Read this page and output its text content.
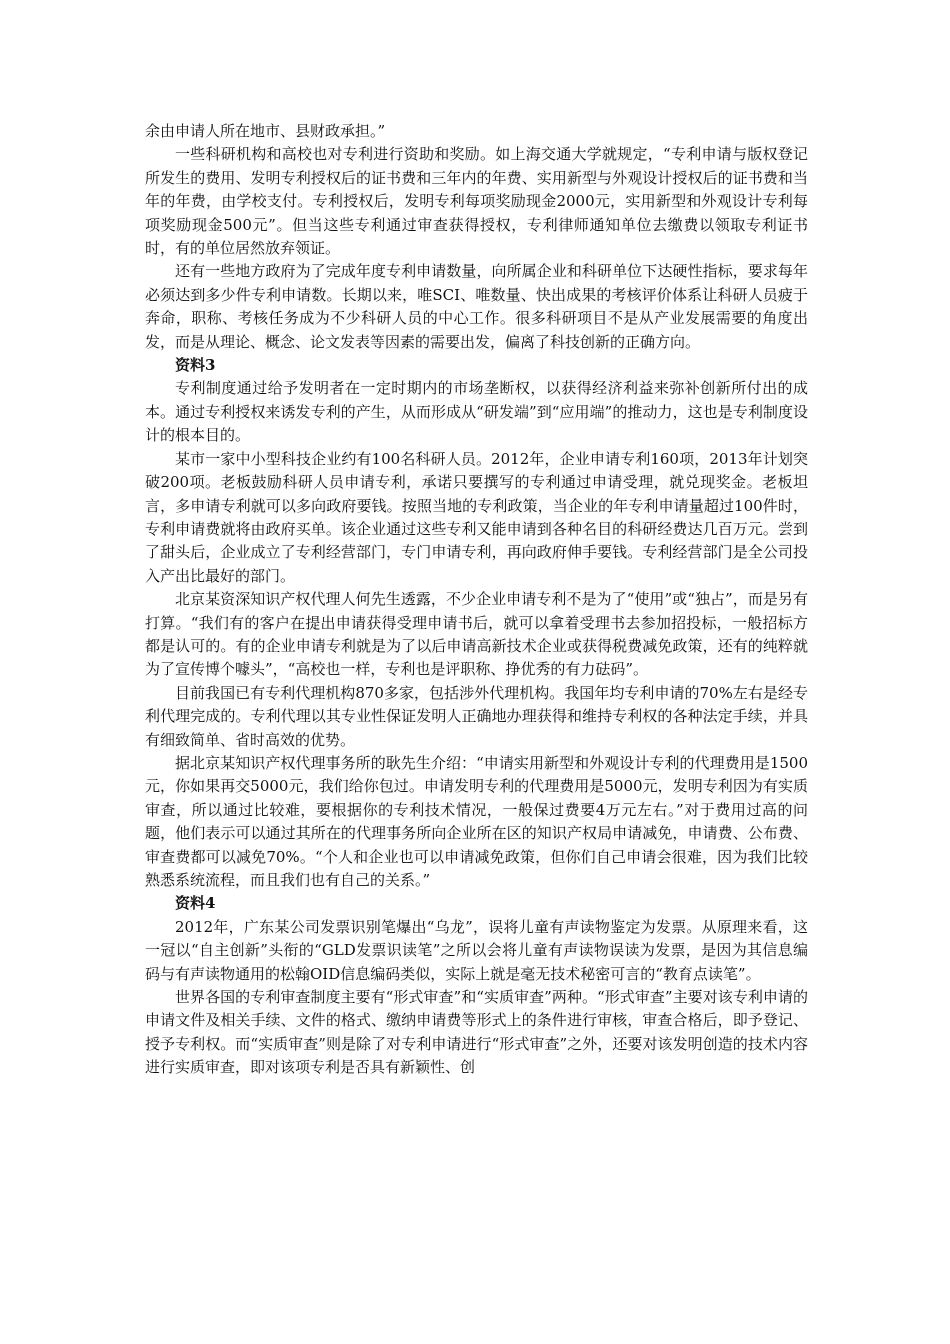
余由申请人所在地市、县财政承担。”

一些科研机构和高校也对专利进行资助和奖励。如上海交通大学就规定，“专利申请与版权登记所发生的费用、发明专利授权后的证书费和三年内的年费、实用新型与外观设计授权后的证书费和当年的年费，由学校支付。专利授权后，发明专利每项奖励现金2000元，实用新型和外观设计专利每项奖励现金500元”。但当这些专利通过审查获得授权，专利律师通知单位去缴费以领取专利证书时，有的单位居然放弃领证。

还有一些地方政府为了完成年度专利申请数量，向所属企业和科研单位下达硬性指标，要求每年必须达到多少件专利申请数。长期以来，唯SCI、唯数量、快出成果的考核评价体系让科研人员疲于奔命，职称、考核任务成为不少科研人员的中心工作。很多科研项目不是从产业发展需要的角度出发，而是从理论、概念、论文发表等因素的需要出发，偏离了科技创新的正确方向。

资料3

专利制度通过给予发明者在一定时期内的市场垄断权，以获得经济利益来弥补创新所付出的成本。通过专利授权来诱发专利的产生，从而形成从“研发端”到“应用端”的推动力，这也是专利制度设计的根本目的。

某市一家中小型科技企业约有100名科研人员。2012年，企业申请专利160项，2013年计划突破200项。老板鼓励科研人员申请专利，承诺只要撰写的专利通过申请受理，就兑现奖金。老板坦言，多申请专利就可以多向政府要钱。按照当地的专利政策，当企业的年专利申请量超过100件时，专利申请费就将由政府买单。该企业通过这些专利又能申请到各种名目的科研经费达几百万元。尝到了甜头后，企业成立了专利经营部门，专门申请专利，再向政府伸手要钱。专利经营部门是全公司投入产出比最好的部门。

北京某资深知识产权代理人何先生透露，不少企业申请专利不是为了“使用”或“独占”，而是另有打算。“我们有的客户在提出申请获得受理申请书后，就可以拿着受理书去参加招投标，一般招标方都是认可的。有的企业申请专利就是为了以后申请高新技术企业或获得税费减免政策，还有的纯粹就为了宣传博个噱头”，“高校也一样，专利也是评职称、挣优秀的有力砝码”。

目前我国已有专利代理机构870多家，包括涉外代理机构。我国年均专利申请的70%左右是经专利代理完成的。专利代理以其专业性保证发明人正确地办理获得和维持专利权的各种法定手续，并具有细致简单、省时高效的优势。

据北京某知识产权代理事务所的耿先生介绍：“申请实用新型和外观设计专利的代理费用是1500元，你如果再交5000元，我们给你包过。申请发明专利的代理费用是5000元，发明专利因为有实质审查，所以通过比较难，要根据你的专利技术情况，一般保过费要4万元左右。”对于费用过高的问题，他们表示可以通过其所在的代理事务所向企业所在区的知识产权局申请减免，申请费、公布费、审查费都可以减免70%。“个人和企业也可以申请减免政策，但你们自己申请会很难，因为我们比较熟悉系统流程，而且我们也有自己的关系。”

资料4

2012年，广东某公司发票识别笔爆出“乌龙”，误将儿童有声读物鉴定为发票。从原理来看，这一冠以“自主创新”头衔的“GLD发票识读笔”之所以会将儿童有声读物误读为发票，是因为其信息编码与有声读物通用的松翰OID信息编码类似，实际上就是毫无技术秘密可言的“教育点读笔”。

世界各国的专利审查制度主要有“形式审查”和“实质审查”两种。“形式审查”主要对该专利申请的申请文件及相关手续、文件的格式、缴纳申请费等形式上的条件进行审核，审查合格后，即予登记、授予专利权。而“实质审查”则是除了对专利申请进行“形式审查”之外，还要对该发明创造的技术内容进行实质审查，即对该项专利是否具有新颖性、创
